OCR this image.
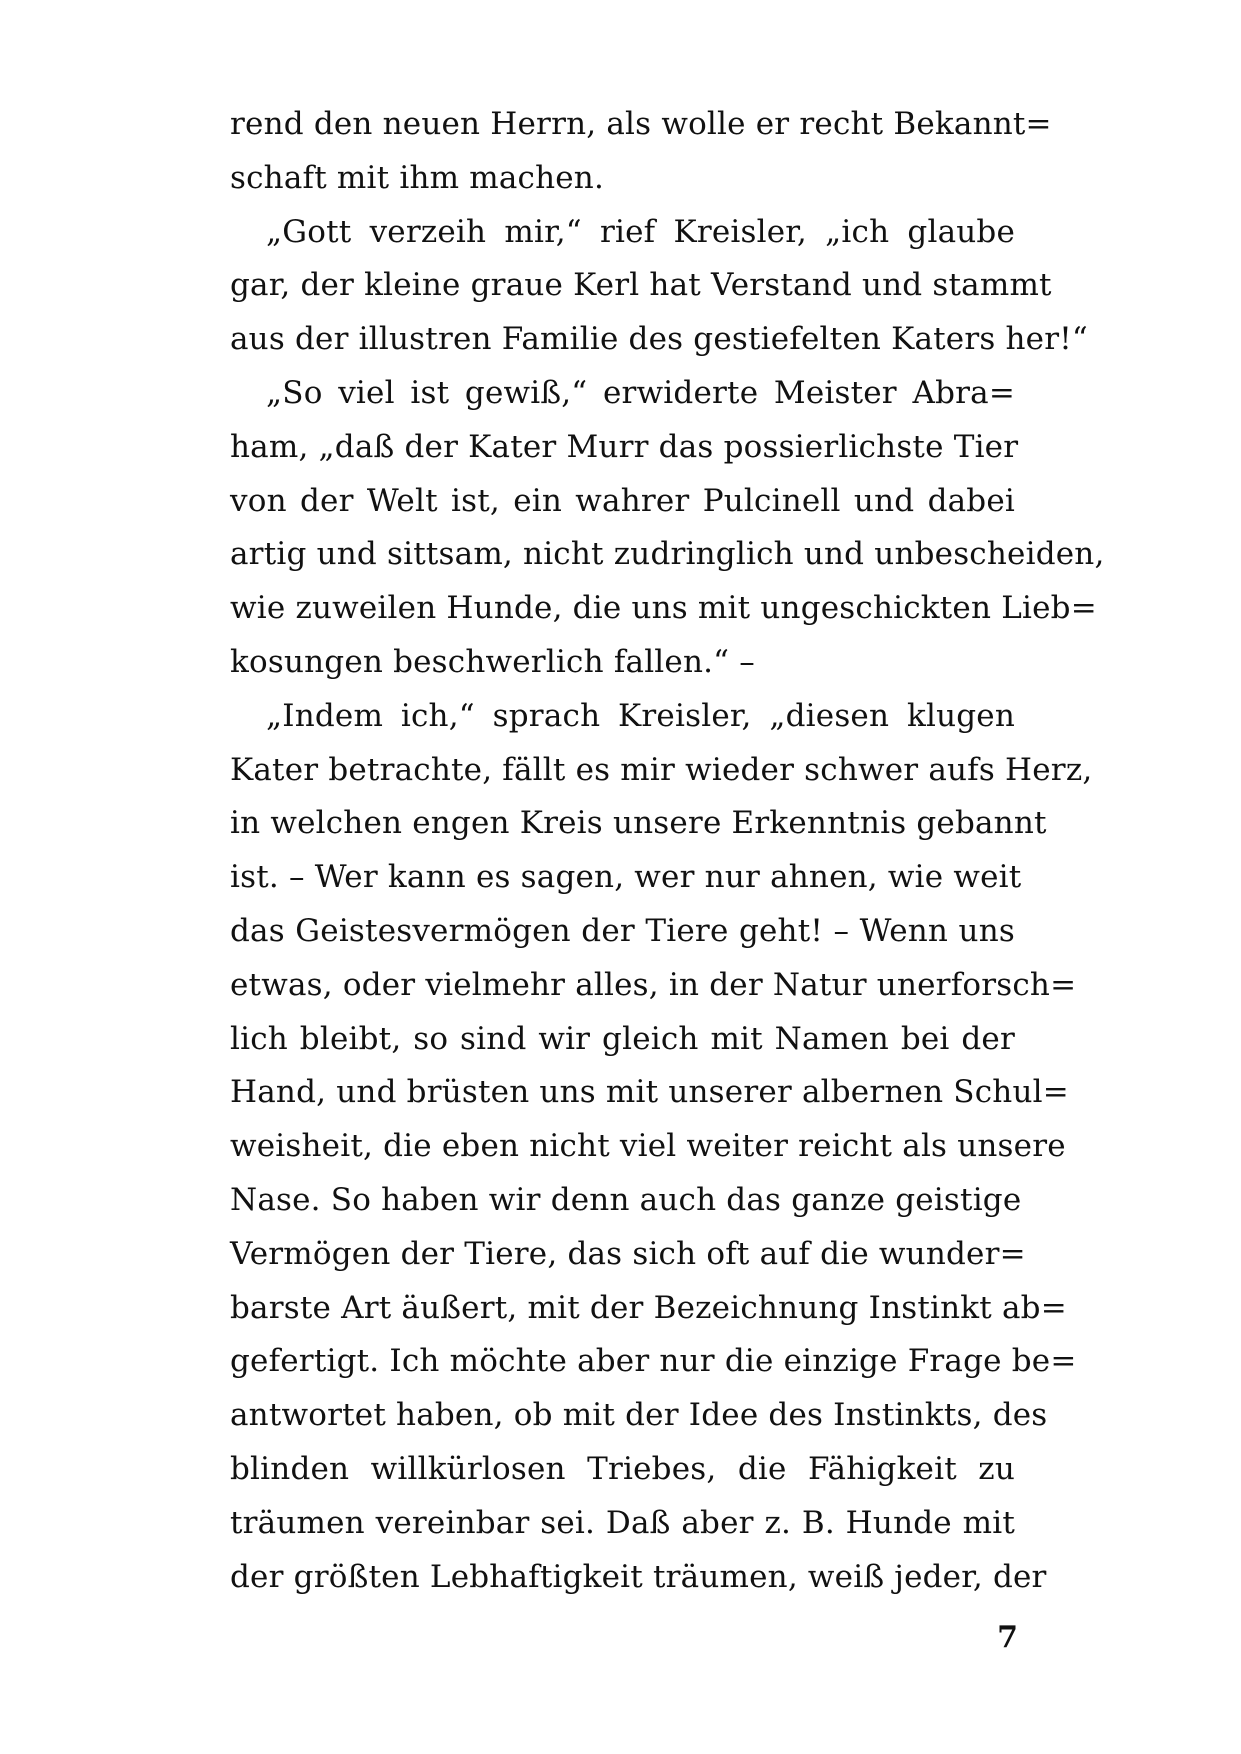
rend den neuen Herrn, als wolle er recht Bekannt=
schaft mit ihm machen.
„Gott verzeih mir,“ rief Kreisler, „ich glaube
gar, der kleine graue Kerl hat Verstand und stammt
aus der illustren Familie des gestiefelten Katers her!“
„So viel ist gewiß,“ erwiderte Meister Abra=
ham, „daß der Kater Murr das possierlichste Tier
von der Welt ist, ein wahrer Pulcinell und dabei
artig und sittsam, nicht zudringlich und unbescheiden,
wie zuweilen Hunde, die uns mit ungeschickten Lieb=
kosungen beschwerlich fallen.“ –
„Indem ich,“ sprach Kreisler, „diesen klugen
Kater betrachte, fällt es mir wieder schwer aufs Herz,
in welchen engen Kreis unsere Erkenntnis gebannt
ist. – Wer kann es sagen, wer nur ahnen, wie weit
das Geistesvermögen der Tiere geht! – Wenn uns
etwas, oder vielmehr alles, in der Natur unerforsch=
lich bleibt, so sind wir gleich mit Namen bei der
Hand, und brüsten uns mit unserer albernen Schul=
weisheit, die eben nicht viel weiter reicht als unsere
Nase. So haben wir denn auch das ganze geistige
Vermögen der Tiere, das sich oft auf die wunder=
barste Art äußert, mit der Bezeichnung Instinkt ab=
gefertigt. Ich möchte aber nur die einzige Frage be=
antwortet haben, ob mit der Idee des Instinkts, des
blinden willkürlosen Triebes, die Fähigkeit zu
träumen vereinbar sei. Daß aber z. B. Hunde mit
der größten Lebhaftigkeit träumen, weiß jeder, der
7
